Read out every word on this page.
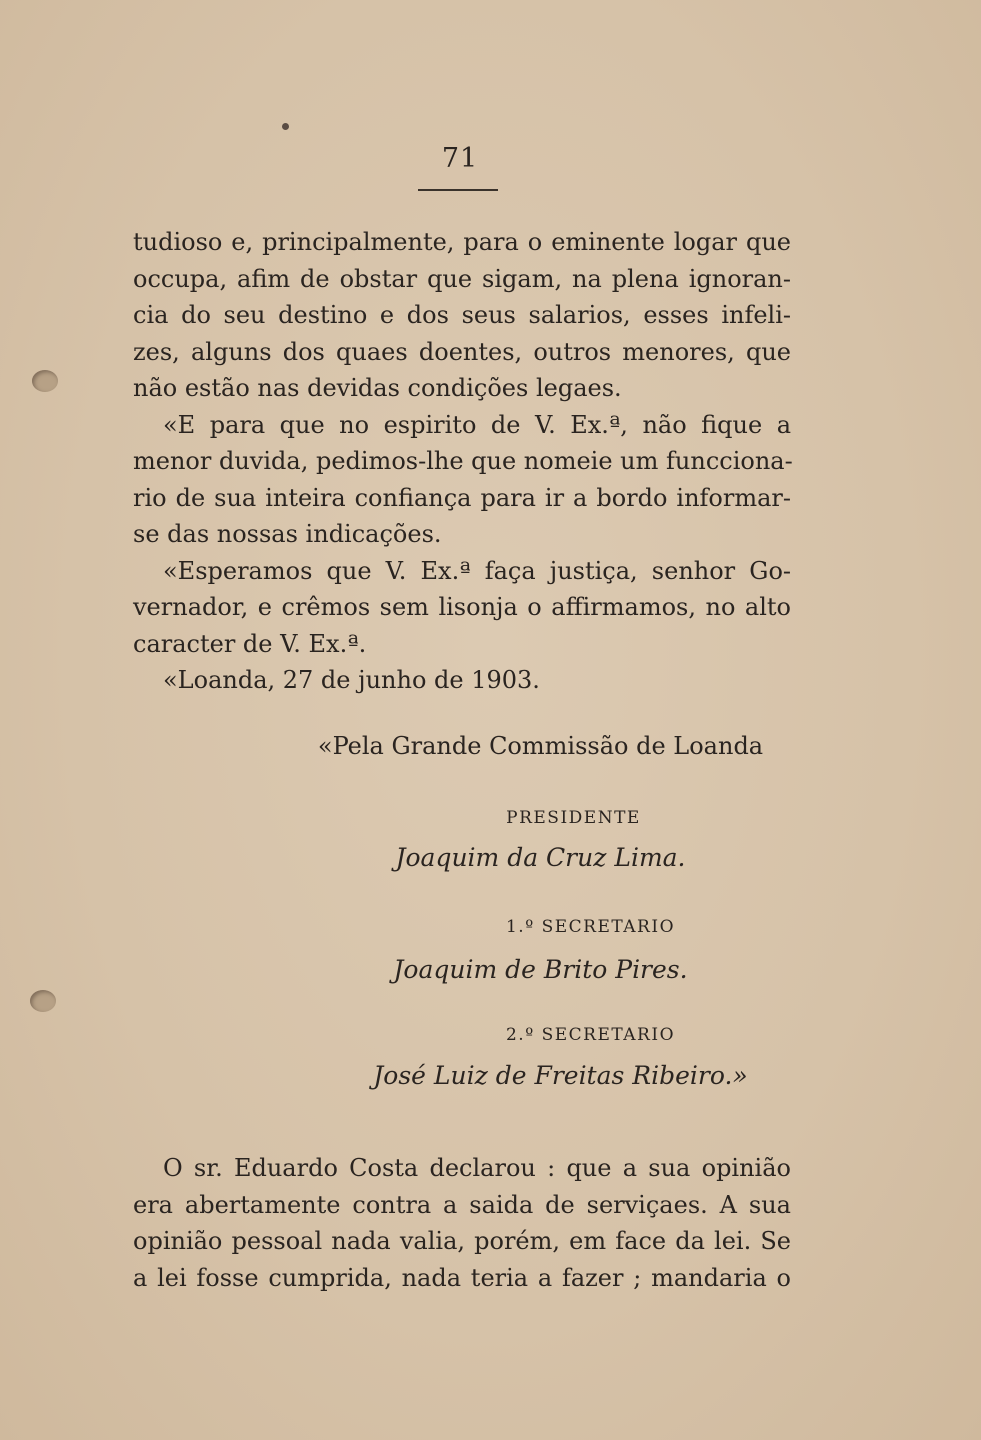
71
tudioso e, principalmente, para o eminente logar que
occupa, afim de obstar que sigam, na plena ignoran-
cia do seu destino e dos seus salarios, esses infeli-
zes, alguns dos quaes doentes, outros menores, que
não estão nas devidas condições legaes.
«E para que no espirito de V. Ex.ª, não fique a
menor duvida, pedimos-lhe que nomeie um funcciona-
rio de sua inteira confiança para ir a bordo informar-
se das nossas indicações.
«Esperamos que V. Ex.ª faça justiça, senhor Go-
vernador, e crêmos sem lisonja o affirmamos, no alto
caracter de V. Ex.ª.
«Loanda, 27 de junho de 1903.
«Pela Grande Commissão de Loanda
PRESIDENTE
Joaquim da Cruz Lima.
1.º SECRETARIO
Joaquim de Brito Pires.
2.º SECRETARIO
José Luiz de Freitas Ribeiro.»
O sr. Eduardo Costa declarou : que a sua opinião
era abertamente contra a saida de serviçaes. A sua
opinião pessoal nada valia, porém, em face da lei. Se
a lei fosse cumprida, nada teria a fazer ; mandaria o
